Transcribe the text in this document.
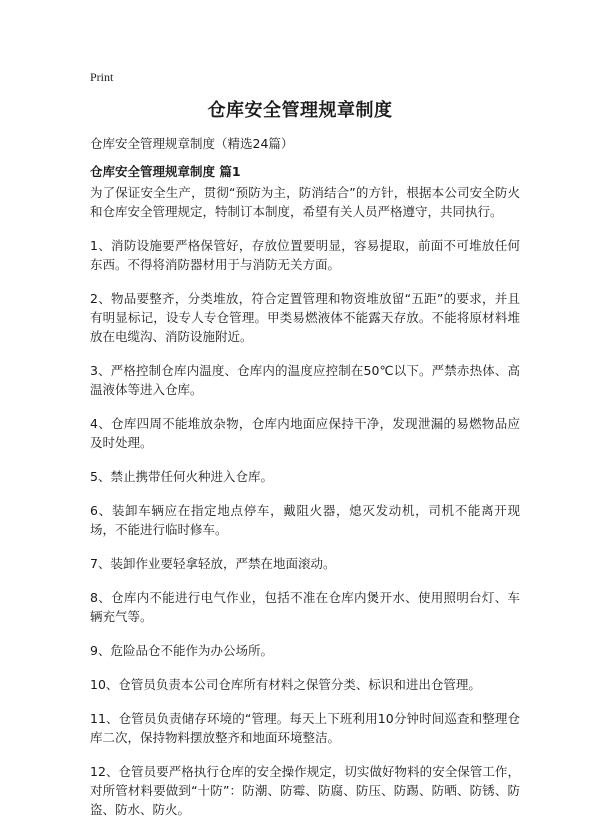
Print
仓库安全管理规章制度
仓库安全管理规章制度（精选24篇）
仓库安全管理规章制度 篇1

为了保证安全生产，贯彻“预防为主，防消结合”的方针，根据本公司安全防火和仓库安全管理规定，特制订本制度，希望有关人员严格遵守，共同执行。

1、消防设施要严格保管好，存放位置要明显，容易提取，前面不可堆放任何东西。不得将消防器材用于与消防无关方面。

2、物品要整齐，分类堆放，符合定置管理和物资堆放留“五距”的要求，并且有明显标记，设专人专仓管理。甲类易燃液体不能露天存放。不能将原材料堆放在电缆沟、消防设施附近。

3、严格控制仓库内温度、仓库内的温度应控制在50℃以下。严禁赤热体、高温液体等进入仓库。

4、仓库四周不能堆放杂物，仓库内地面应保持干净，发现泄漏的易燃物品应及时处理。

5、禁止携带任何火种进入仓库。

6、装卸车辆应在指定地点停车，戴阻火器，熄灭发动机，司机不能离开现场，不能进行临时修车。

7、装卸作业要轻拿轻放，严禁在地面滚动。

8、仓库内不能进行电气作业，包括不准在仓库内煲开水、使用照明台灯、车辆充气等。

9、危险品仓不能作为办公场所。

10、仓管员负责本公司仓库所有材料之保管分类、标识和进出仓管理。

11、仓管员负责储存环境的“管理。每天上下班利用10分钟时间巡查和整理仓库二次，保持物料摆放整齐和地面环境整洁。

12、仓管员要严格执行仓库的安全操作规定，切实做好物料的安全保管工作，对所管材料要做到“十防”：防潮、防霉、防腐、防压、防踢、防晒、防锈、防盗、防水、防火。
